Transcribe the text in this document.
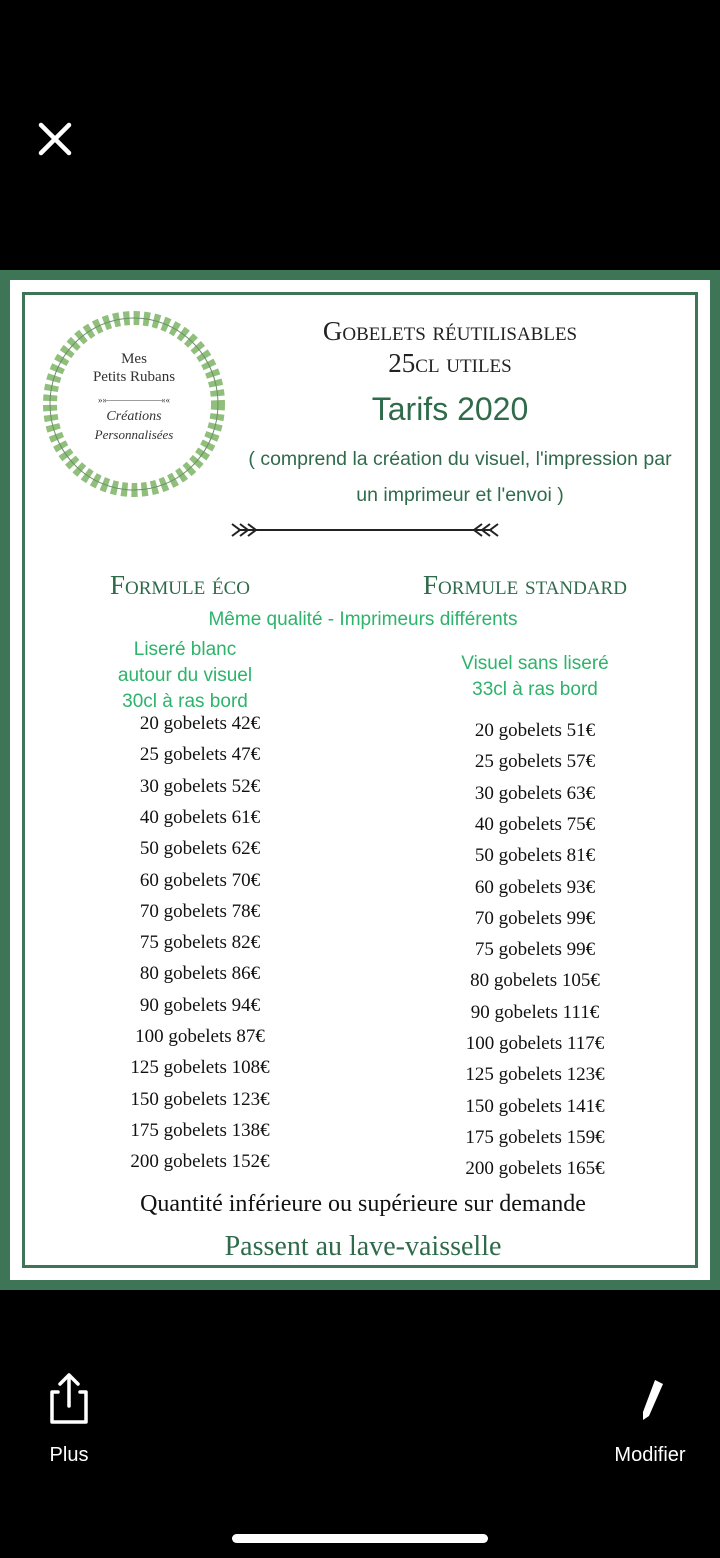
Mes
Petits Rubans
»»——————««
Créations
Personnalisées
Gobelets réutilisables
25cl utiles
Tarifs 2020
( comprend la création du visuel, l'impression par
un imprimeur et l'envoi )
Formule éco	Formule standard
Même qualité - Imprimeurs différents
Liseré blanc
autour du visuel
30cl à ras bord
Visuel sans liseré
33cl à ras bord
20 gobelets 42€
25 gobelets 47€
30 gobelets 52€
40 gobelets 61€
50 gobelets 62€
60 gobelets 70€
70 gobelets 78€
75 gobelets 82€
80 gobelets 86€
90 gobelets 94€
100 gobelets 87€
125 gobelets 108€
150 gobelets 123€
175 gobelets 138€
200 gobelets 152€
20 gobelets 51€
25 gobelets 57€
30 gobelets 63€
40 gobelets 75€
50 gobelets 81€
60 gobelets 93€
70 gobelets 99€
75 gobelets 99€
80 gobelets 105€
90 gobelets 111€
100 gobelets 117€
125 gobelets 123€
150 gobelets 141€
175 gobelets 159€
200 gobelets 165€
Quantité inférieure ou supérieure sur demande
Passent au lave-vaisselle
Plus	Modifier
